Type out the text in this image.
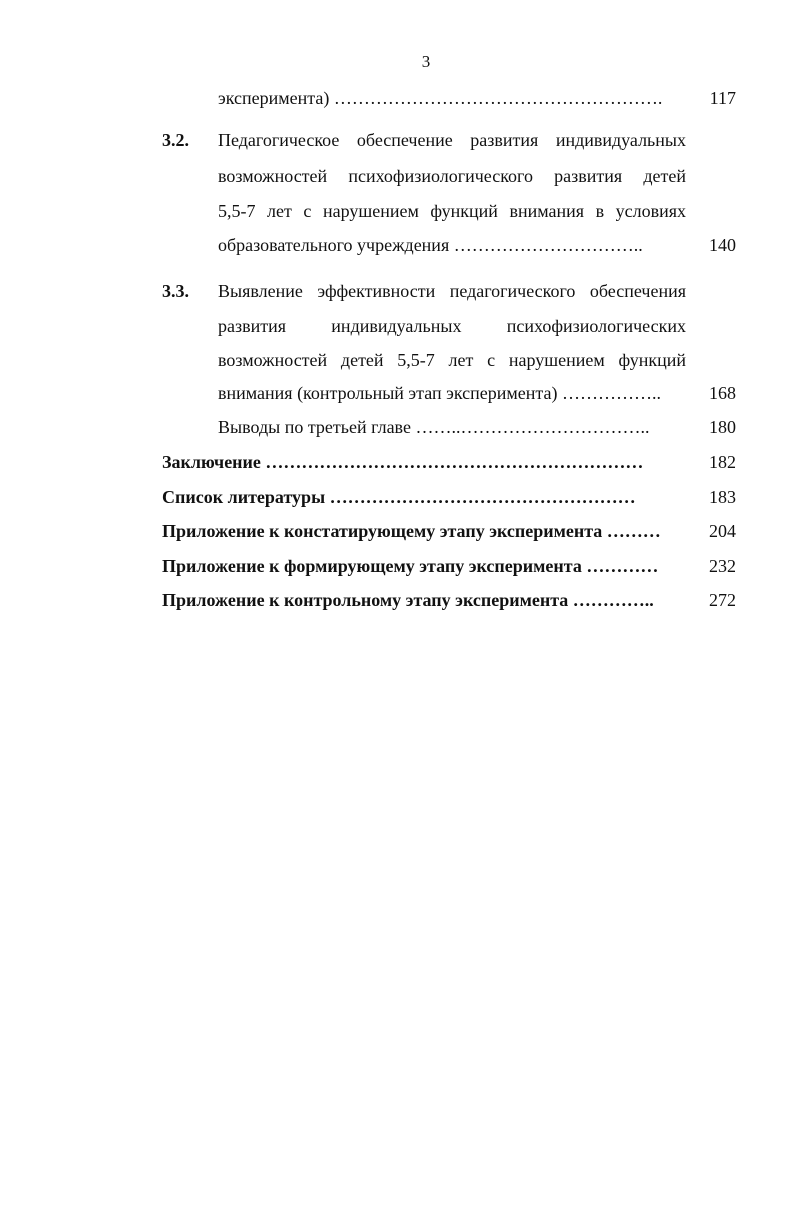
3
эксперимента) ……………………………………………….	117
3.2. Педагогическое обеспечение развития индивидуальных
возможностей психофизиологического развития детей
5,5-7 лет с нарушением функций внимания в условиях
образовательного учреждения …………………………..	140
3.3. Выявление эффективности педагогического обеспечения
развития индивидуальных психофизиологических
возможностей детей 5,5-7 лет с нарушением функций
внимания (контрольный этап эксперимента) ……………..	168
Выводы по третьей главе ……..…………………………..	180
Заключение ………………………………………………………	182
Список литературы ……………………………………………	183
Приложение к констатирующему этапу эксперимента ………	204
Приложение к формирующему этапу эксперимента …………	232
Приложение к контрольному этапу эксперимента …………..	272
